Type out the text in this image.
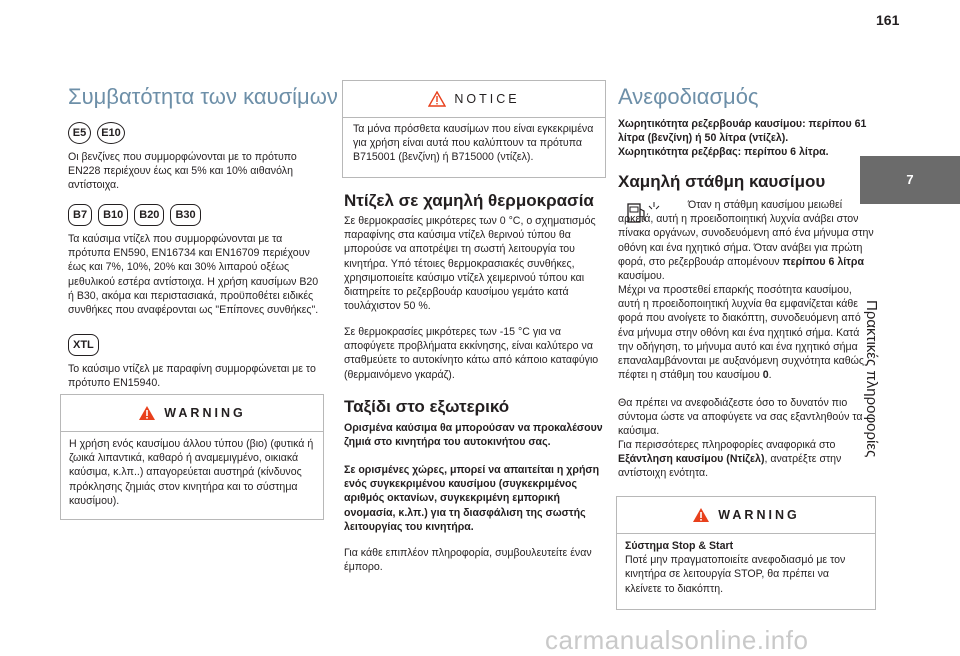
161
Συμβατότητα των καυσίμων
E5 E10

Οι βενζίνες που συμμορφώνονται με το πρότυπο EN228 περιέχουν έως και 5% και 10% αιθανόλη αντίστοιχα.

B7 B10 B20 B30

Τα καύσιμα ντίζελ που συμμορφώνονται με τα πρότυπα EN590, EN16734 και EN16709 περιέχουν έως και 7%, 10%, 20% και 30% λιπαρού οξέως μεθυλικού εστέρα αντίστοιχα. Η χρήση καυσίμων B20 ή B30, ακόμα και περιστασιακά, προϋποθέτει ειδικές συνθήκες που αναφέρονται ως "Επίπονες συνθήκες".

XTL

Το καύσιμο ντίζελ με παραφίνη συμμορφώνεται με το πρότυπο EN15940.

WARNING

Η χρήση ενός καυσίμου άλλου τύπου (βιο) (φυτικά ή ζωικά λιπαντικά, καθαρό ή αναμεμιγμένο, οικιακά καύσιμα, κ.λπ..) απαγορεύεται αυστηρά (κίνδυνος πρόκλησης ζημιάς στον κινητήρα και το σύστημα καυσίμου).

NOTICE

Τα μόνα πρόσθετα καυσίμων που είναι εγκεκριμένα για χρήση είναι αυτά που καλύπτουν τα πρότυπα B715001 (βενζίνη) ή B715000 (ντίζελ).

Ντίζελ σε χαμηλή θερμοκρασία

Σε θερμοκρασίες μικρότερες των 0 °C, ο σχηματισμός παραφίνης στα καύσιμα ντίζελ θερινού τύπου θα μπορούσε να αποτρέψει τη σωστή λειτουργία του κινητήρα. Υπό τέτοιες θερμοκρασιακές συνθήκες, χρησιμοποιείτε καύσιμο ντίζελ χειμερινού τύπου και διατηρείτε το ρεζερβουάρ καυσίμου γεμάτο κατά τουλάχιστον 50 %.

Σε θερμοκρασίες μικρότερες των -15 °C για να αποφύγετε προβλήματα εκκίνησης, είναι καλύτερο να σταθμεύετε το αυτοκίνητο κάτω από κάποιο καταφύγιο (θερμαινόμενο γκαράζ).

Ταξίδι στο εξωτερικό

Ορισμένα καύσιμα θα μπορούσαν να προκαλέσουν ζημιά στο κινητήρα του αυτοκινήτου σας.

Σε ορισμένες χώρες, μπορεί να απαιτείται η χρήση ενός συγκεκριμένου καυσίμου (συγκεκριμένος αριθμός οκτανίων, συγκεκριμένη εμπορική ονομασία, κ.λπ.) για τη διασφάλιση της σωστής λειτουργίας του κινητήρα.

Για κάθε επιπλέον πληροφορία, συμβουλευτείτε έναν έμπορο.

Ανεφοδιασμός

Χωρητικότητα ρεζερβουάρ καυσίμου: περίπου 61 λίτρα (βενζίνη) ή 50 λίτρα (ντίζελ).

Χωρητικότητα ρεζέρβας: περίπου 6 λίτρα.

Χαμηλή στάθμη καυσίμου

Όταν η στάθμη καυσίμου μειωθεί αρκετά, αυτή η προειδοποιητική λυχνία ανάβει στον πίνακα οργάνων, συνοδευόμενη από ένα μήνυμα στην οθόνη και ένα ηχητικό σήμα. Όταν ανάβει για πρώτη φορά, στο ρεζερβουάρ απομένουν περίπου 6 λίτρα καυσίμου.

Μέχρι να προστεθεί επαρκής ποσότητα καυσίμου, αυτή η προειδοποιητική λυχνία θα εμφανίζεται κάθε φορά που ανοίγετε το διακόπτη, συνοδευόμενη από ένα μήνυμα στην οθόνη και ένα ηχητικό σήμα. Κατά την οδήγηση, το μήνυμα αυτό και ένα ηχητικό σήμα επαναλαμβάνονται με αυξανόμενη συχνότητα καθώς πέφτει η στάθμη του καυσίμου 0.

Θα πρέπει να ανεφοδιάζεστε όσο το δυνατόν πιο σύντομα ώστε να αποφύγετε να σας εξαντληθούν τα καύσιμα.

Για περισσότερες πληροφορίες αναφορικά στο Εξάντληση καυσίμου (Ντίζελ), ανατρέξτε στην αντίστοιχη ενότητα.

WARNING

Σύστημα Stop & Start

Ποτέ μην πραγματοποιείτε ανεφοδιασμό με τον κινητήρα σε λειτουργία STOP, θα πρέπει να κλείνετε το διακόπτη.

7
Πρακτικές πληροφορίες
carmanualsonline.info
